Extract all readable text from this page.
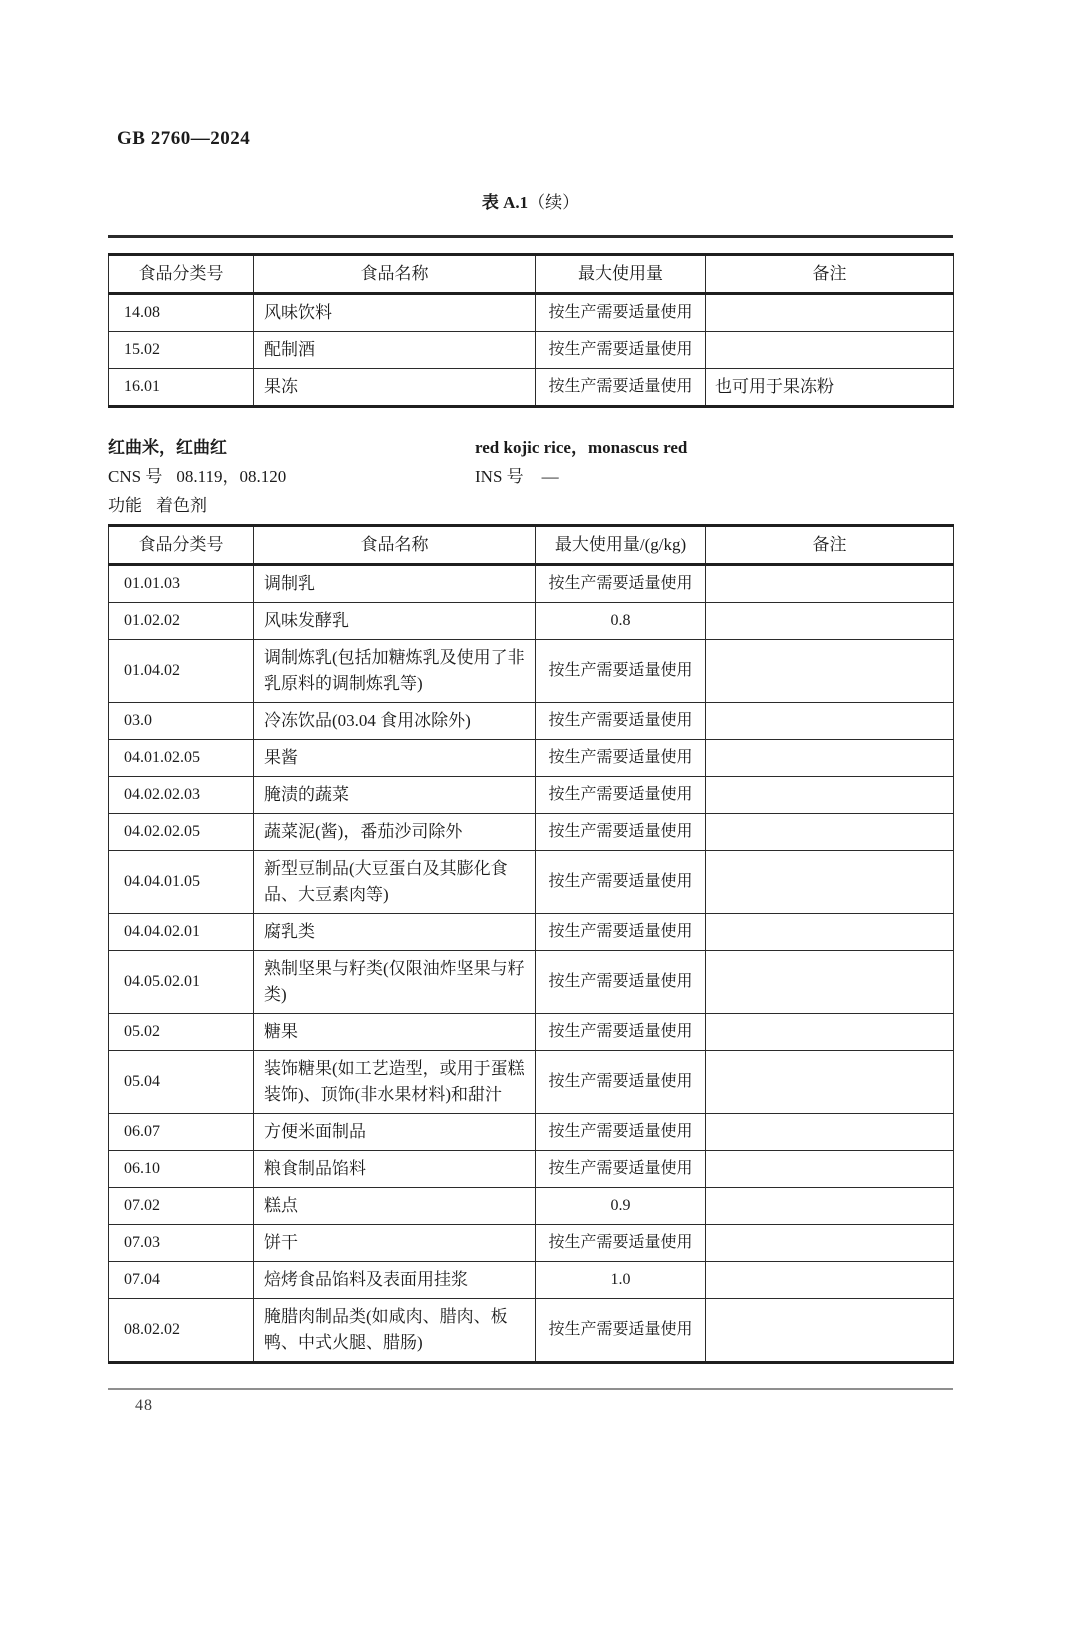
GB 2760—2024
表 A.1（续）
食品分类号	食品名称	最大使用量	备注
14.08	风味饮料	按生产需要适量使用	
15.02	配制酒	按生产需要适量使用	
16.01	果冻	按生产需要适量使用	也可用于果冻粉
红曲米，红曲红	red kojic rice，monascus red
CNS 号 08.119，08.120	INS 号 —
功能 着色剂
食品分类号	食品名称	最大使用量/(g/kg)	备注
01.01.03	调制乳	按生产需要适量使用	
01.02.02	风味发酵乳	0.8	
01.04.02	调制炼乳(包括加糖炼乳及使用了非乳原料的调制炼乳等)	按生产需要适量使用	
03.0	冷冻饮品(03.04 食用冰除外)	按生产需要适量使用	
04.01.02.05	果酱	按生产需要适量使用	
04.02.02.03	腌渍的蔬菜	按生产需要适量使用	
04.02.02.05	蔬菜泥(酱)，番茄沙司除外	按生产需要适量使用	
04.04.01.05	新型豆制品(大豆蛋白及其膨化食品、大豆素肉等)	按生产需要适量使用	
04.04.02.01	腐乳类	按生产需要适量使用	
04.05.02.01	熟制坚果与籽类(仅限油炸坚果与籽类)	按生产需要适量使用	
05.02	糖果	按生产需要适量使用	
05.04	装饰糖果(如工艺造型，或用于蛋糕装饰)、顶饰(非水果材料)和甜汁	按生产需要适量使用	
06.07	方便米面制品	按生产需要适量使用	
06.10	粮食制品馅料	按生产需要适量使用	
07.02	糕点	0.9	
07.03	饼干	按生产需要适量使用	
07.04	焙烤食品馅料及表面用挂浆	1.0	
08.02.02	腌腊肉制品类(如咸肉、腊肉、板鸭、中式火腿、腊肠)	按生产需要适量使用	
48
